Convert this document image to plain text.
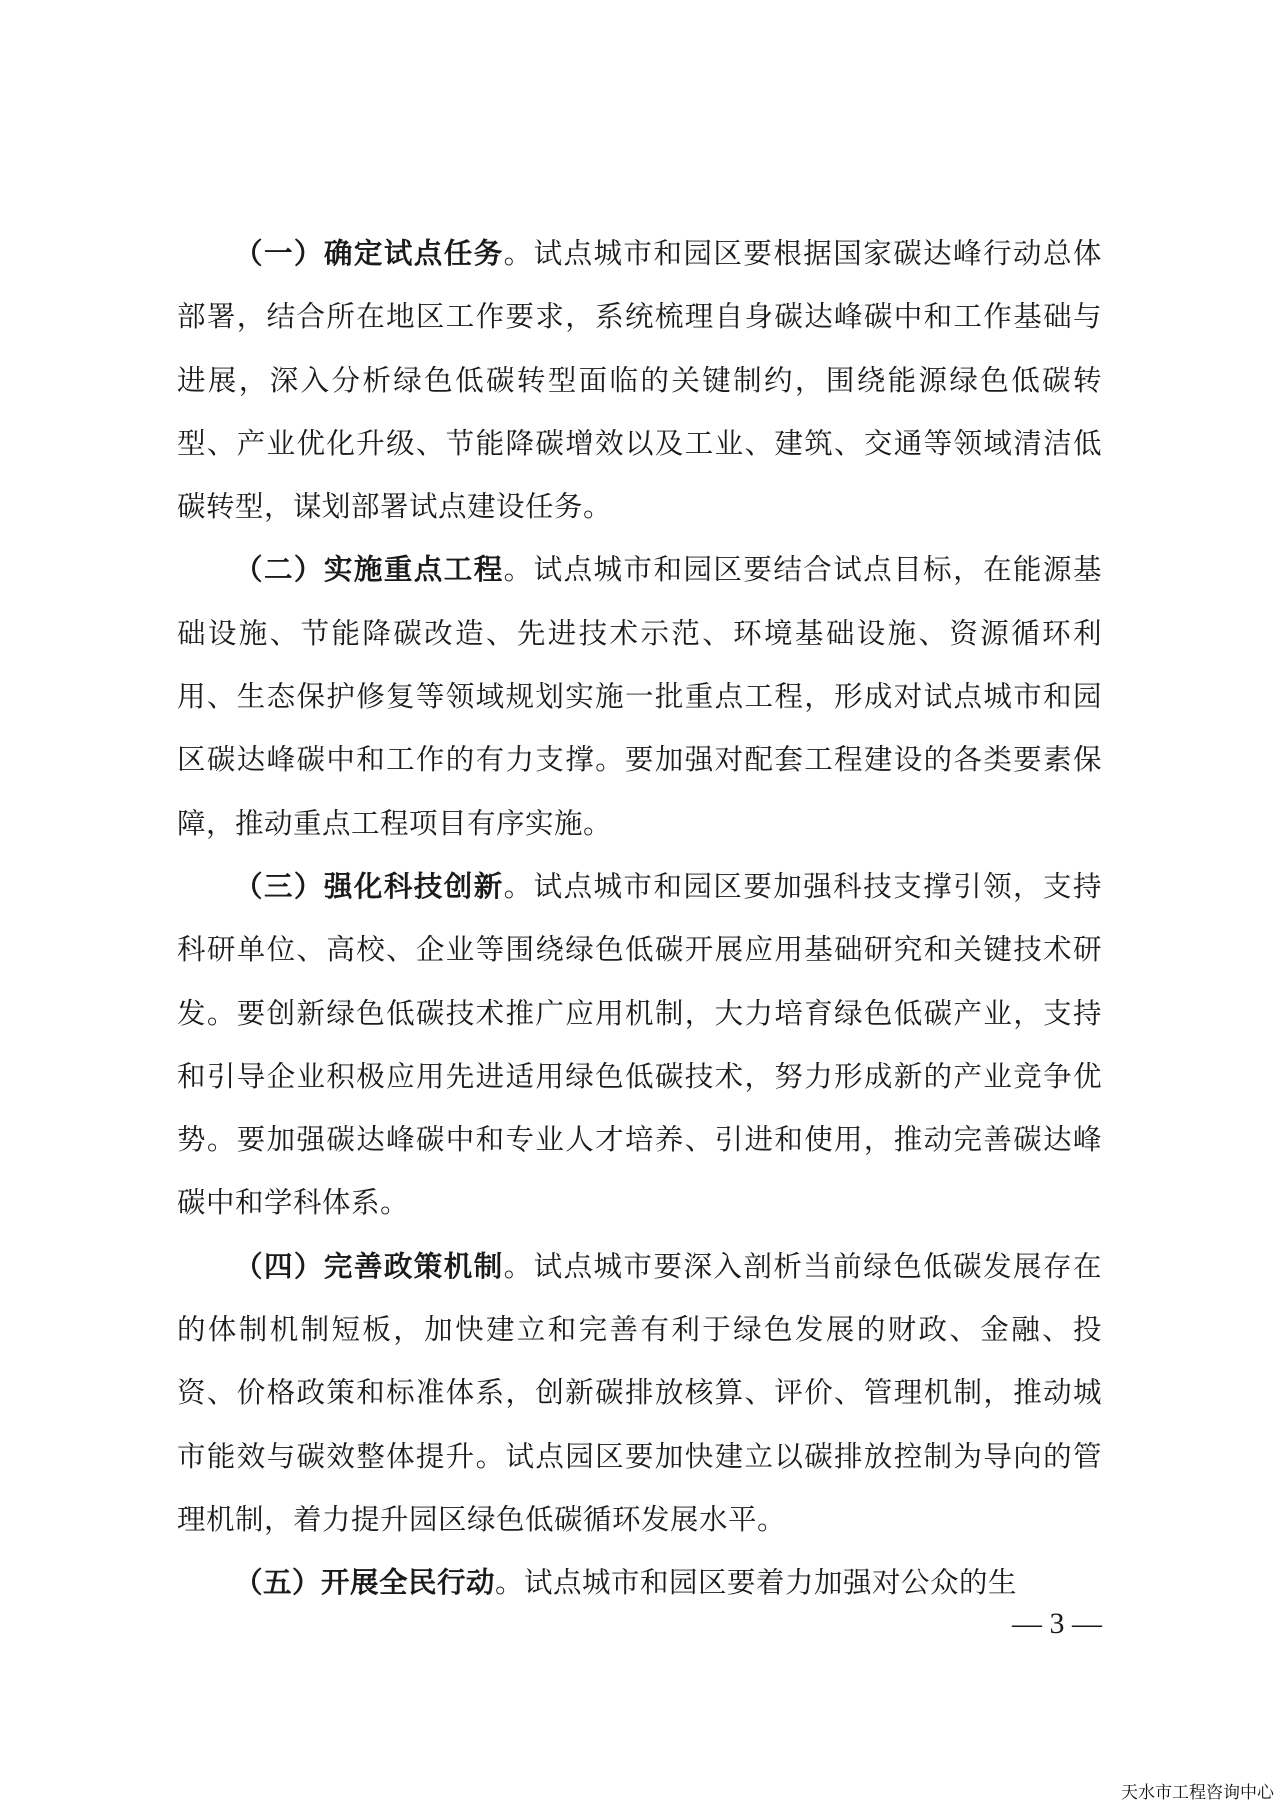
（一）确定试点任务。试点城市和园区要根据国家碳达峰行动总体部署，结合所在地区工作要求，系统梳理自身碳达峰碳中和工作基础与进展，深入分析绿色低碳转型面临的关键制约，围绕能源绿色低碳转型、产业优化升级、节能降碳增效以及工业、建筑、交通等领域清洁低碳转型，谋划部署试点建设任务。

（二）实施重点工程。试点城市和园区要结合试点目标，在能源基础设施、节能降碳改造、先进技术示范、环境基础设施、资源循环利用、生态保护修复等领域规划实施一批重点工程，形成对试点城市和园区碳达峰碳中和工作的有力支撑。要加强对配套工程建设的各类要素保障，推动重点工程项目有序实施。

（三）强化科技创新。试点城市和园区要加强科技支撑引领，支持科研单位、高校、企业等围绕绿色低碳开展应用基础研究和关键技术研发。要创新绿色低碳技术推广应用机制，大力培育绿色低碳产业，支持和引导企业积极应用先进适用绿色低碳技术，努力形成新的产业竞争优势。要加强碳达峰碳中和专业人才培养、引进和使用，推动完善碳达峰碳中和学科体系。

（四）完善政策机制。试点城市要深入剖析当前绿色低碳发展存在的体制机制短板，加快建立和完善有利于绿色发展的财政、金融、投资、价格政策和标准体系，创新碳排放核算、评价、管理机制，推动城市能效与碳效整体提升。试点园区要加快建立以碳排放控制为导向的管理机制，着力提升园区绿色低碳循环发展水平。

（五）开展全民行动。试点城市和园区要着力加强对公众的生

— 3 —
天水市工程咨询中心
